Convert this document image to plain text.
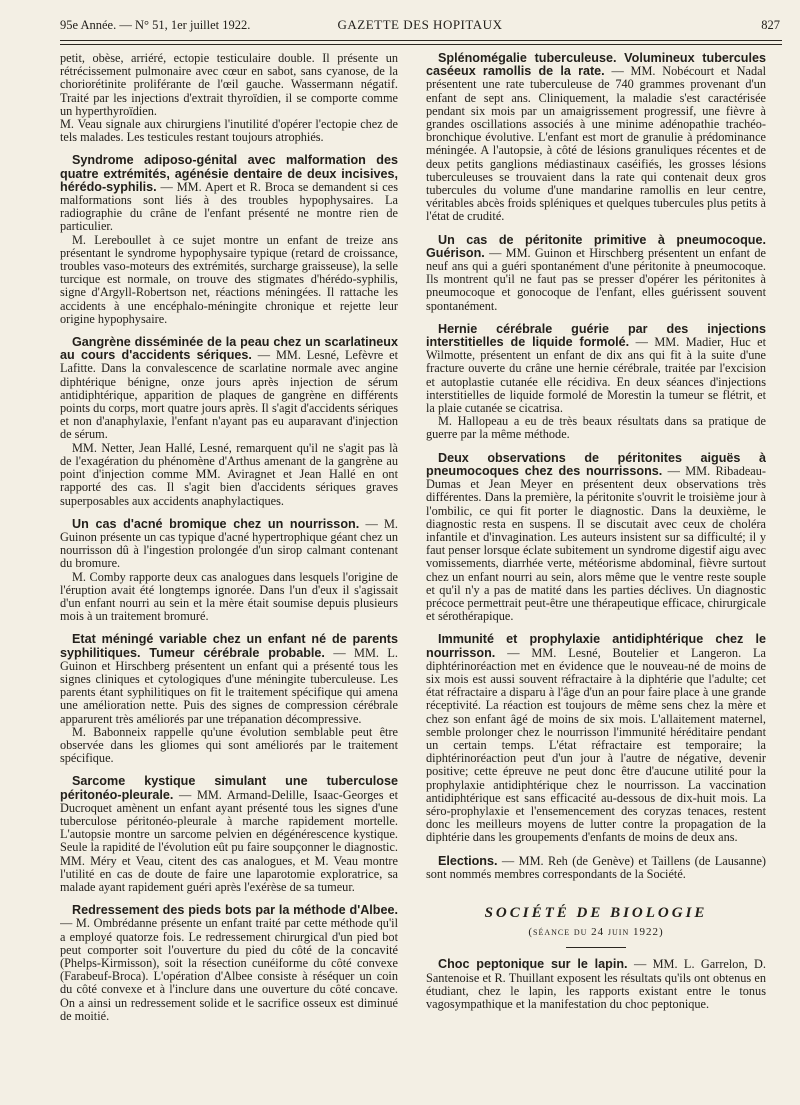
95e Année. — N° 51, 1er juillet 1922.	GAZETTE DES HOPITAUX	827

petit, obèse, arriéré, ectopie testiculaire double. Il présente un rétrécissement pulmonaire avec cœur en sabot, sans cyanose, de la choriorétinite proliférante de l'œil gauche. Wassermann négatif. Traité par les injections d'extrait thyroïdien, il se comporte comme un hyperthyroïdien.

M. Veau signale aux chirurgiens l'inutilité d'opérer l'ectopie chez de tels malades. Les testicules restant toujours atrophiés.

Syndrome adiposo-génital avec malformation des quatre extrémités, agénésie dentaire de deux incisives, hérédo-syphilis. — MM. Apert et R. Broca se demandent si ces malformations sont liés à des troubles hypophysaires. La radiographie du crâne de l'enfant présenté ne montre rien de particulier.

M. Lereboullet à ce sujet montre un enfant de treize ans présentant le syndrome hypophysaire typique (retard de croissance, troubles vaso-moteurs des extrémités, surcharge graisseuse), la selle turcique est normale, on trouve des stigmates d'hérédo-syphilis, signe d'Argyll-Robertson net, réactions méningées. Il rattache les accidents à une encéphalo-méningite chronique et rejette leur origine hypophysaire.

Gangrène disséminée de la peau chez un scarlatineux au cours d'accidents sériques. — MM. Lesné, Lefèvre et Lafitte. Dans la convalescence de scarlatine normale avec angine diphtérique bénigne, onze jours après injection de sérum antidiphtérique, apparition de plaques de gangrène en différents points du corps, mort quatre jours après. Il s'agit d'accidents sériques et non d'anaphylaxie, l'enfant n'ayant pas eu auparavant d'injection de sérum.

MM. Netter, Jean Hallé, Lesné, remarquent qu'il ne s'agit pas là de l'exagération du phénomène d'Arthus amenant de la gangrène au point d'injection comme MM. Aviragnet et Jean Hallé en ont rapporté des cas. Il s'agit bien d'accidents sériques graves superposables aux accidents anaphylactiques.

Un cas d'acné bromique chez un nourrisson. — M. Guinon présente un cas typique d'acné hypertrophique géant chez un nourrisson dû à l'ingestion prolongée d'un sirop calmant contenant du bromure.

M. Comby rapporte deux cas analogues dans lesquels l'origine de l'éruption avait été longtemps ignorée. Dans l'un d'eux il s'agissait d'un enfant nourri au sein et la mère était soumise depuis plusieurs mois à un traitement bromuré.

Etat méningé variable chez un enfant né de parents syphilitiques. Tumeur cérébrale probable. — MM. L. Guinon et Hirschberg présentent un enfant qui a présenté tous les signes cliniques et cytologiques d'une méningite tuberculeuse. Les parents étant syphilitiques on fit le traitement spécifique qui amena une amélioration nette. Puis des signes de compression cérébrale apparurent très améliorés par une trépanation décompressive.

M. Babonneix rappelle qu'une évolution semblable peut être observée dans les gliomes qui sont améliorés par le traitement spécifique.

Sarcome kystique simulant une tuberculose péritonéo-pleurale. — MM. Armand-Delille, Isaac-Georges et Ducroquet amènent un enfant ayant présenté tous les signes d'une tuberculose péritonéo-pleurale à marche rapidement mortelle. L'autopsie montre un sarcome pelvien en dégénérescence kystique. Seule la rapidité de l'évolution eût pu faire soupçonner le diagnostic. MM. Méry et Veau, citent des cas analogues, et M. Veau montre l'utilité en cas de doute de faire une laparotomie exploratrice, sa malade ayant rapidement guéri après l'exérèse de sa tumeur.

Redressement des pieds bots par la méthode d'Albee. — M. Ombrédanne présente un enfant traité par cette méthode qu'il a employé quatorze fois. Le redressement chirurgical d'un pied bot peut comporter soit l'ouverture du pied du côté de la concavité (Phelps-Kirmisson), soit la résection cunéiforme du côté convexe (Farabeuf-Broca). L'opération d'Albee consiste à réséquer un coin du côté convexe et à l'inclure dans une ouverture du côté concave. On a ainsi un redressement solide et le sacrifice osseux est diminué de moitié.

Splénomégalie tuberculeuse. Volumineux tubercules caséeux ramollis de la rate. — MM. Nobécourt et Nadal présentent une rate tuberculeuse de 740 grammes provenant d'un enfant de sept ans. Cliniquement, la maladie s'est caractérisée pendant six mois par un amaigrissement progressif, une fièvre à grandes oscillations associés à une minime adénopathie trachéo-bronchique évolutive. L'enfant est mort de granulie à prédominance méningée. A l'autopsie, à côté de lésions granuliques récentes et de deux petits ganglions médiastinaux caséifiés, les grosses lésions tuberculeuses se trouvaient dans la rate qui contenait deux gros tubercules du volume d'une mandarine ramollis en leur centre, véritables abcès froids spléniques et quelques tubercules plus petits à l'état de crudité.

Un cas de péritonite primitive à pneumocoque. Guérison. — MM. Guinon et Hirschberg présentent un enfant de neuf ans qui a guéri spontanément d'une péritonite à pneumocoque. Ils montrent qu'il ne faut pas se presser d'opérer les péritonites à pneumocoque et gonocoque de l'enfant, elles guérissent souvent spontanément.

Hernie cérébrale guérie par des injections interstitielles de liquide formolé. — MM. Madier, Huc et Wilmotte, présentent un enfant de dix ans qui fit à la suite d'une fracture ouverte du crâne une hernie cérébrale, traitée par l'excision et autoplastie cutanée elle récidiva. En deux séances d'injections interstitielles de liquide formolé de Morestin la tumeur se flétrit, et la plaie cutanée se cicatrisa.

M. Hallopeau a eu de très beaux résultats dans sa pratique de guerre par la même méthode.

Deux observations de péritonites aiguës à pneumocoques chez des nourrissons. — MM. Ribadeau-Dumas et Jean Meyer en présentent deux observations très différentes. Dans la première, la péritonite s'ouvrit le troisième jour à l'ombilic, ce qui fit porter le diagnostic. Dans la deuxième, le diagnostic resta en suspens. Il se discutait avec ceux de choléra infantile et d'invagination. Les auteurs insistent sur sa difficulté; il y faut penser lorsque éclate subitement un syndrome digestif aigu avec vomissements, diarrhée verte, météorisme abdominal, fièvre surtout chez un enfant nourri au sein, alors même que le ventre reste souple et qu'il n'y a pas de matité dans les parties déclives. Un diagnostic précoce permettrait peut-être une thérapeutique efficace, chirurgicale et sérothérapique.

Immunité et prophylaxie antidiphtérique chez le nourrisson. — MM. Lesné, Boutelier et Langeron. La diphtérinoréaction met en évidence que le nouveau-né de moins de six mois est aussi souvent réfractaire à la diphtérie que l'adulte; cet état réfractaire a disparu à l'âge d'un an pour faire place à une grande réceptivité. La réaction est toujours de même sens chez la mère et chez son enfant âgé de moins de six mois. L'allaitement maternel, semble prolonger chez le nourrisson l'immunité héréditaire pendant un certain temps. L'état réfractaire est temporaire; la diphtérinoréaction peut d'un jour à l'autre de négative, devenir positive; cette épreuve ne peut donc être d'aucune utilité pour la prophylaxie antidiphtérique chez le nourrisson. La vaccination antidiphtérique est sans efficacité au-dessous de dix-huit mois. La séro-prophylaxie et l'ensemencement des coryzas tenaces, restent donc les meilleurs moyens de lutter contre la propagation de la diphtérie dans les groupements d'enfants de moins de deux ans.

Elections. — MM. Reh (de Genève) et Taillens (de Lausanne) sont nommés membres correspondants de la Société.

SOCIÉTÉ DE BIOLOGIE
(séance du 24 juin 1922)

Choc peptonique sur le lapin. — MM. L. Garrelon, D. Santenoise et R. Thuillant exposent les résultats qu'ils ont obtenus en étudiant, chez le lapin, les rapports existant entre le tonus vagosympathique et la manifestation du choc peptonique.
